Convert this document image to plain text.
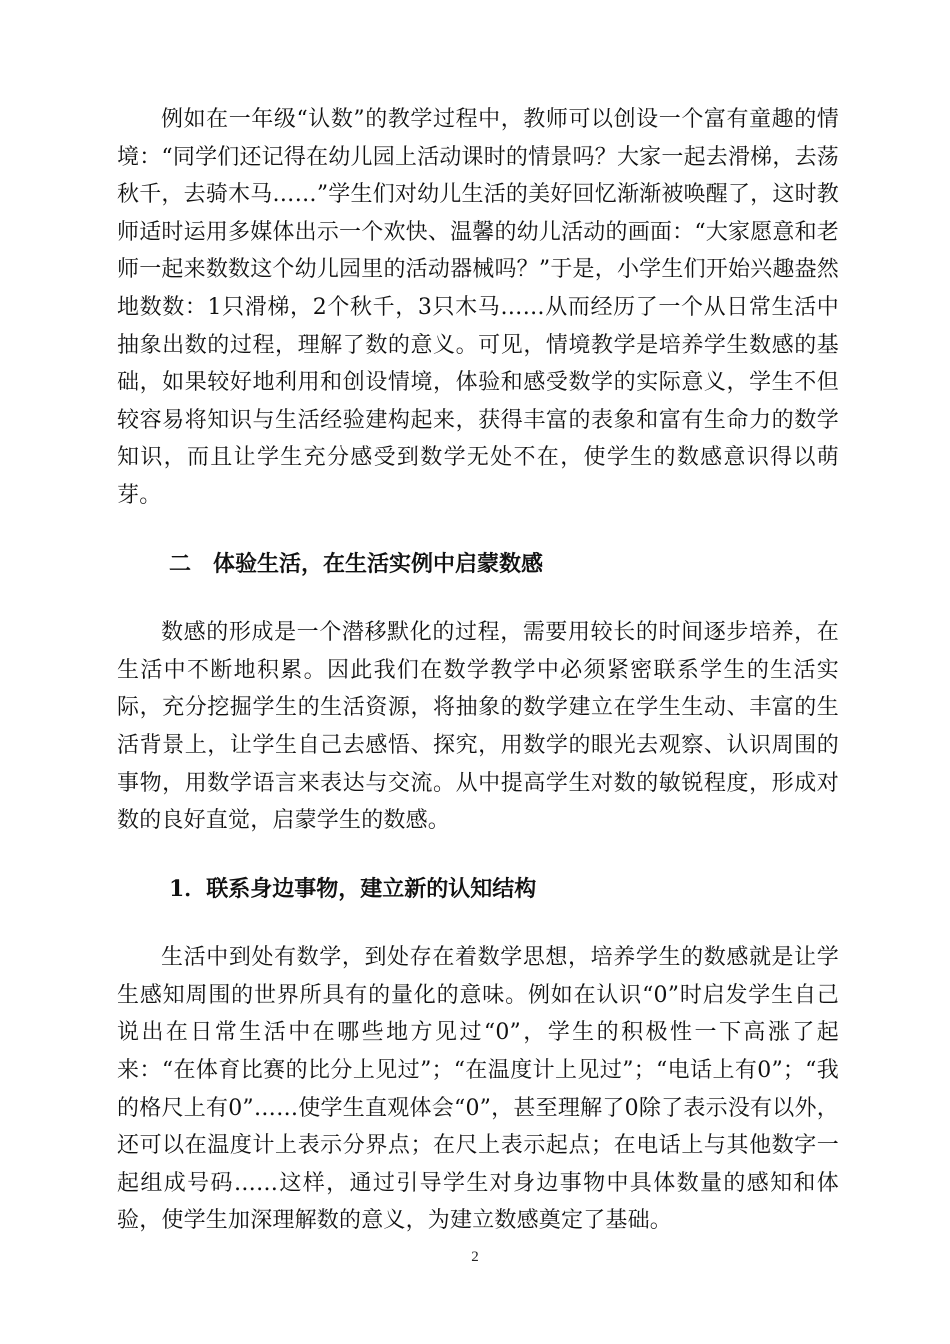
例如在一年级“认数”的教学过程中，教师可以创设一个富有童趣的情境：“同学们还记得在幼儿园上活动课时的情景吗？大家一起去滑梯，去荡秋千，去骑木马……”学生们对幼儿生活的美好回忆渐渐被唤醒了，这时教师适时运用多媒体出示一个欢快、温馨的幼儿活动的画面：“大家愿意和老师一起来数数这个幼儿园里的活动器械吗？”于是，小学生们开始兴趣盎然地数数：1只滑梯，2个秋千，3只木马……从而经历了一个从日常生活中抽象出数的过程，理解了数的意义。可见，情境教学是培养学生数感的基础，如果较好地利用和创设情境，体验和感受数学的实际意义，学生不但较容易将知识与生活经验建构起来，获得丰富的表象和富有生命力的数学知识，而且让学生充分感受到数学无处不在，使学生的数感意识得以萌芽。

二　体验生活，在生活实例中启蒙数感

数感的形成是一个潜移默化的过程，需要用较长的时间逐步培养，在生活中不断地积累。因此我们在数学教学中必须紧密联系学生的生活实际，充分挖掘学生的生活资源，将抽象的数学建立在学生生动、丰富的生活背景上，让学生自己去感悟、探究，用数学的眼光去观察、认识周围的事物，用数学语言来表达与交流。从中提高学生对数的敏锐程度，形成对数的良好直觉，启蒙学生的数感。

1．联系身边事物，建立新的认知结构

生活中到处有数学，到处存在着数学思想，培养学生的数感就是让学生感知周围的世界所具有的量化的意味。例如在认识“0”时启发学生自己说出在日常生活中在哪些地方见过“0”，学生的积极性一下高涨了起来：“在体育比赛的比分上见过”；“在温度计上见过”；“电话上有0”；“我的格尺上有0”……使学生直观体会“0”，甚至理解了0除了表示没有以外，还可以在温度计上表示分界点；在尺上表示起点；在电话上与其他数字一起组成号码……这样，通过引导学生对身边事物中具体数量的感知和体验，使学生加深理解数的意义，为建立数感奠定了基础。

2
